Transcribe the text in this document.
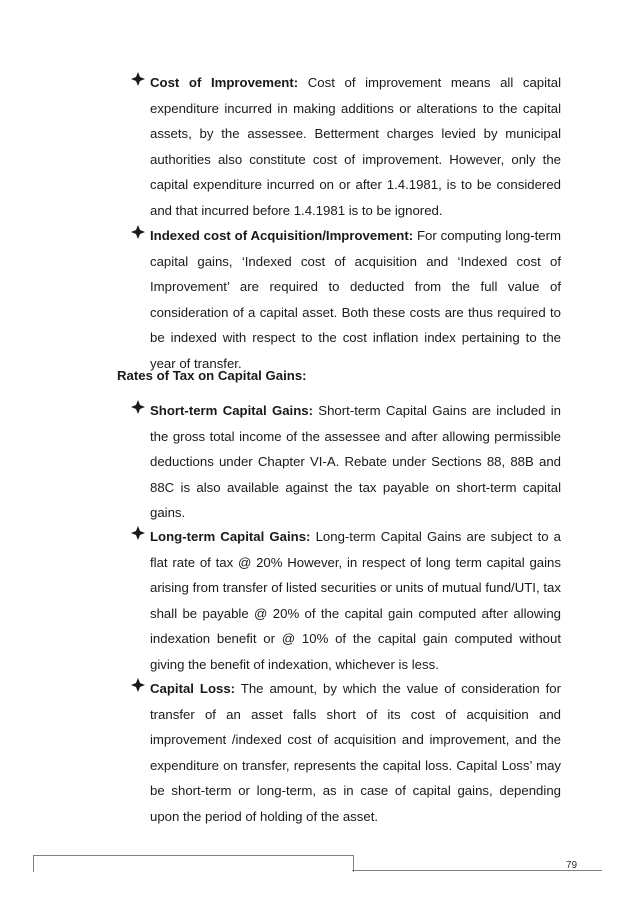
Cost of Improvement: Cost of improvement means all capital expenditure incurred in making additions or alterations to the capital assets, by the assessee. Betterment charges levied by municipal authorities also constitute cost of improvement. However, only the capital expenditure incurred on or after 1.4.1981, is to be considered and that incurred before 1.4.1981 is to be ignored.

Indexed cost of Acquisition/Improvement: For computing long-term capital gains, ‘Indexed cost of acquisition and ‘Indexed cost of Improvement’ are required to deducted from the full value of consideration of a capital asset. Both these costs are thus required to be indexed with respect to the cost inflation index pertaining to the year of transfer.

Rates of Tax on Capital Gains:

Short-term Capital Gains: Short-term Capital Gains are included in the gross total income of the assessee and after allowing permissible deductions under Chapter VI-A. Rebate under Sections 88, 88B and 88C is also available against the tax payable on short-term capital gains.

Long-term Capital Gains: Long-term Capital Gains are subject to a flat rate of tax @ 20% However, in respect of long term capital gains arising from transfer of listed securities or units of mutual fund/UTI, tax shall be payable @ 20% of the capital gain computed after allowing indexation benefit or @ 10% of the capital gain computed without giving the benefit of indexation, whichever is less.

Capital Loss: The amount, by which the value of consideration for transfer of an asset falls short of its cost of acquisition and improvement /indexed cost of acquisition and improvement, and the expenditure on transfer, represents the capital loss. Capital Loss’ may be short-term or long-term, as in case of capital gains, depending upon the period of holding of the asset.

79
